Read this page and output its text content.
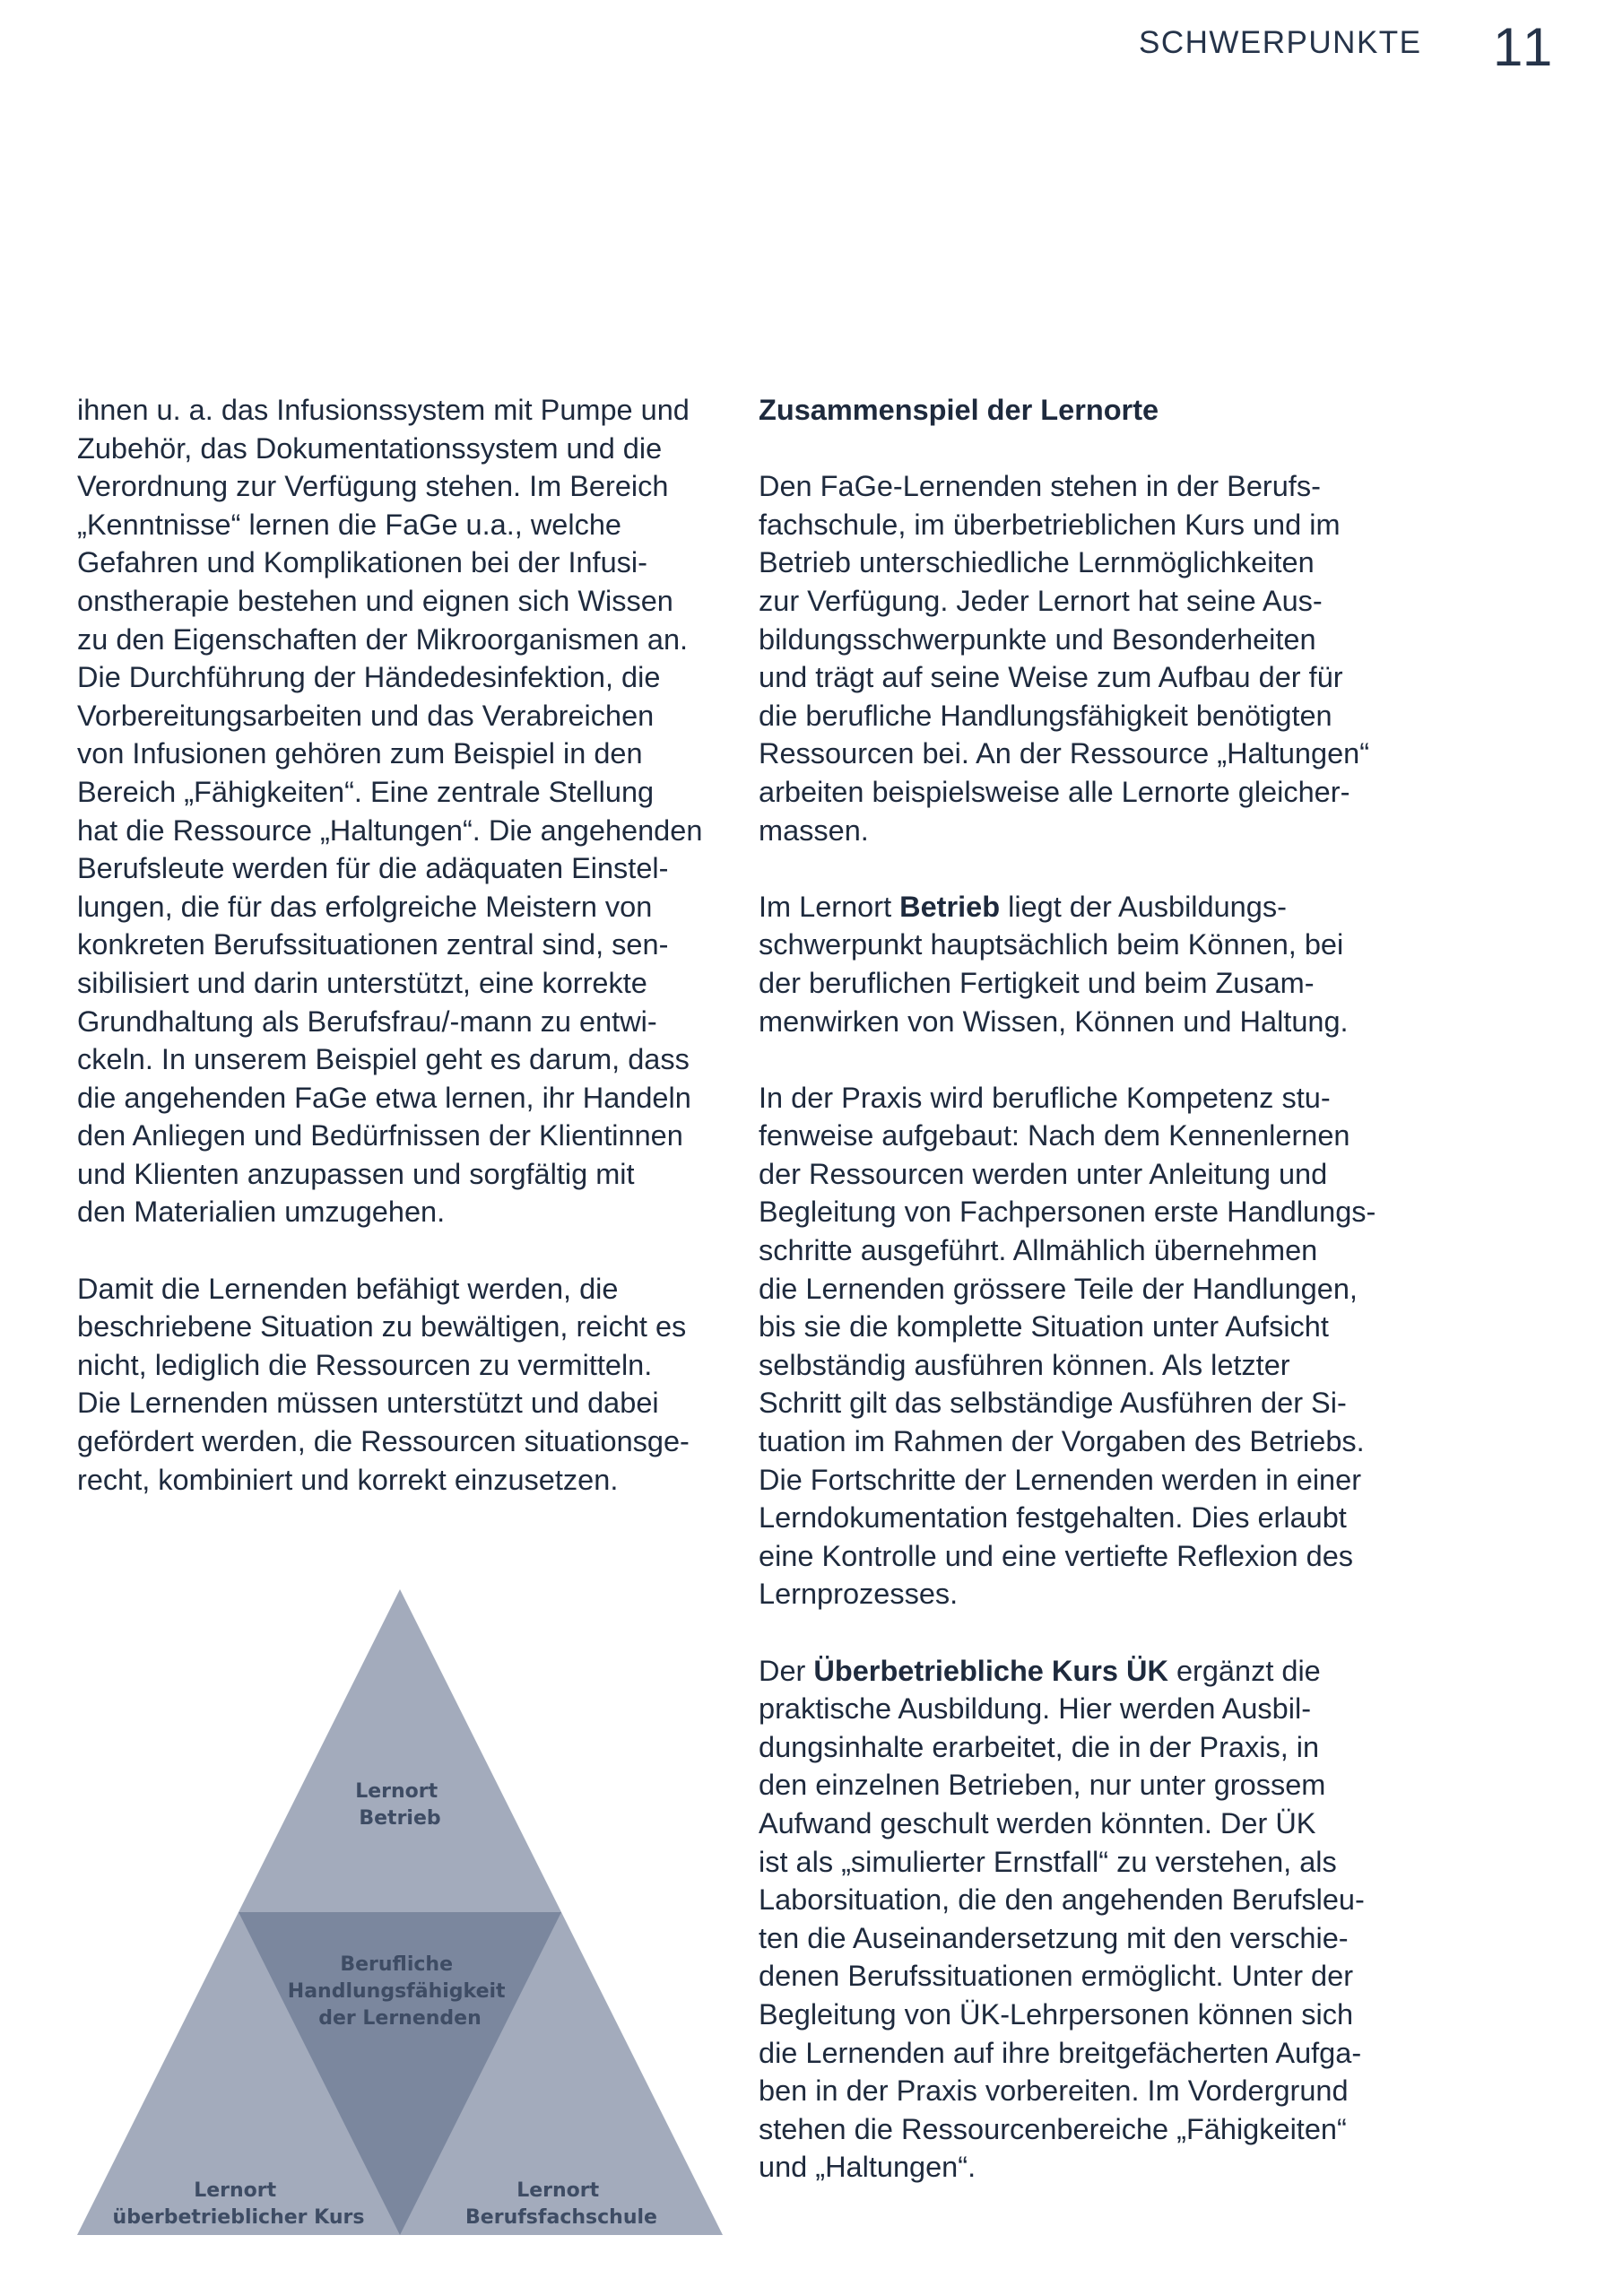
SCHWERPUNKTE 11
ihnen u. a. das Infusionssystem mit Pumpe und
Zubehör, das Dokumentationssystem und die
Verordnung zur Verfügung stehen. Im Bereich
„Kenntnisse“ lernen die FaGe u.a., welche
Gefahren und Komplikationen bei der Infusi-
onstherapie bestehen und eignen sich Wissen
zu den Eigenschaften der Mikroorganismen an.
Die Durchführung der Händedesinfektion, die
Vorbereitungsarbeiten und das Verabreichen
von Infusionen gehören zum Beispiel in den
Bereich „Fähigkeiten“. Eine zentrale Stellung
hat die Ressource „Haltungen“. Die angehenden
Berufsleute werden für die adäquaten Einstel-
lungen, die für das erfolgreiche Meistern von
konkreten Berufssituationen zentral sind, sen-
sibilisiert und darin unterstützt, eine korrekte
Grundhaltung als Berufsfrau/-mann zu entwi-
ckeln. In unserem Beispiel geht es darum, dass
die angehenden FaGe etwa lernen, ihr Handeln
den Anliegen und Bedürfnissen der Klientinnen
und Klienten anzupassen und sorgfältig mit
den Materialien umzugehen.
Damit die Lernenden befähigt werden, die
beschriebene Situation zu bewältigen, reicht es
nicht, lediglich die Ressourcen zu vermitteln.
Die Lernenden müssen unterstützt und dabei
gefördert werden, die Ressourcen situationsge-
recht, kombiniert und korrekt einzusetzen.
Zusammenspiel der Lernorte
Den FaGe-Lernenden stehen in der Berufs-
fachschule, im überbetrieblichen Kurs und im
Betrieb unterschiedliche Lernmöglichkeiten
zur Verfügung. Jeder Lernort hat seine Aus-
bildungsschwerpunkte und Besonderheiten
und trägt auf seine Weise zum Aufbau der für
die berufliche Handlungsfähigkeit benötigten
Ressourcen bei. An der Ressource „Haltungen“
arbeiten beispielsweise alle Lernorte gleicher-
massen.
Im Lernort Betrieb liegt der Ausbildungs-
schwerpunkt hauptsächlich beim Können, bei
der beruflichen Fertigkeit und beim Zusam-
menwirken von Wissen, Können und Haltung.
In der Praxis wird berufliche Kompetenz stu-
fenweise aufgebaut: Nach dem Kennenlernen
der Ressourcen werden unter Anleitung und
Begleitung von Fachpersonen erste Handlungs-
schritte ausgeführt. Allmählich übernehmen
die Lernenden grössere Teile der Handlungen,
bis sie die komplette Situation unter Aufsicht
selbständig ausführen können. Als letzter
Schritt gilt das selbständige Ausführen der Si-
tuation im Rahmen der Vorgaben des Betriebs.
Die Fortschritte der Lernenden werden in einer
Lerndokumentation festgehalten. Dies erlaubt
eine Kontrolle und eine vertiefte Reflexion des
Lernprozesses.
Der Überbetriebliche Kurs ÜK ergänzt die
praktische Ausbildung. Hier werden Ausbil-
dungsinhalte erarbeitet, die in der Praxis, in
den einzelnen Betrieben, nur unter grossem
Aufwand geschult werden könnten. Der ÜK
ist als „simulierter Ernstfall“ zu verstehen, als
Laborsituation, die den angehenden Berufsleu-
ten die Auseinandersetzung mit den verschie-
denen Berufssituationen ermöglicht. Unter der
Begleitung von ÜK-Lehrpersonen können sich
die Lernenden auf ihre breitgefächerten Aufga-
ben in der Praxis vorbereiten. Im Vordergrund
stehen die Ressourcenbereiche „Fähigkeiten“
und „Haltungen“.
Lernort Betrieb
Berufliche Handlungsfähigkeit der Lernenden
Lernort überbetrieblicher Kurs
Lernort Berufsfachschule
